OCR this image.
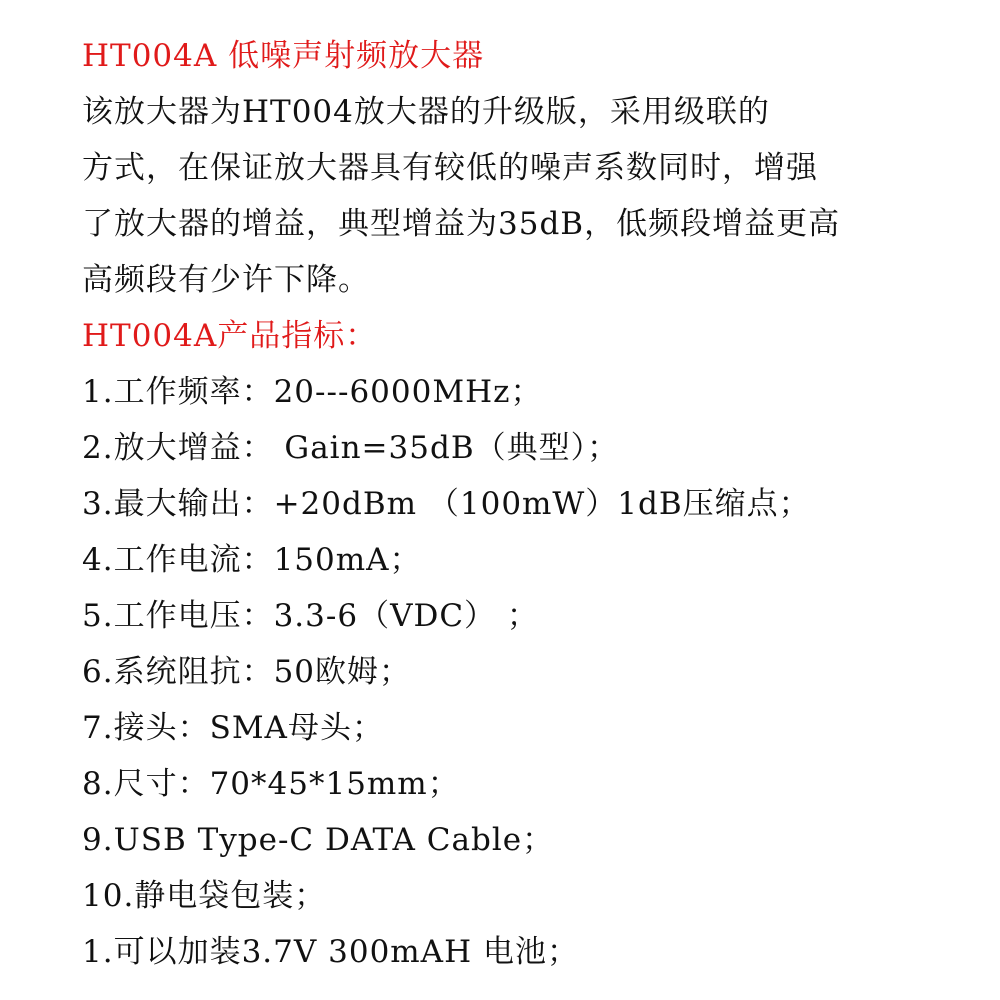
HT004A 低噪声射频放大器
该放大器为HT004放大器的升级版，采用级联的
方式，在保证放大器具有较低的噪声系数同时，增强
了放大器的增益，典型增益为35dB，低频段增益更高
高频段有少许下降。
HT004A产品指标：
1.工作频率：20---6000MHz；
2.放大增益： Gain=35dB（典型）；
3.最大输出：+20dBm （100mW）1dB压缩点；
4.工作电流：150mA；
5.工作电压：3.3-6（VDC） ；
6.系统阻抗：50欧姆；
7.接头：SMA母头；
8.尺寸：70*45*15mm；
9.USB Type-C DATA Cable；
10.静电袋包装；
1.可以加装3.7V 300mAH 电池；
